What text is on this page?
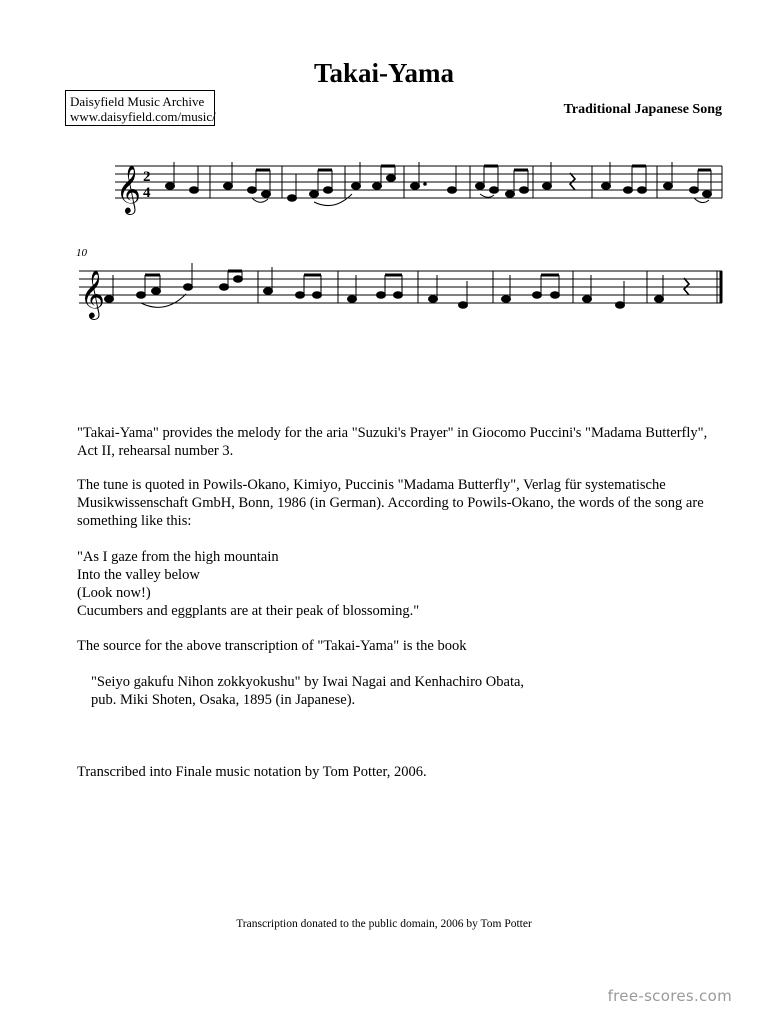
Takai-Yama
Daisyfield Music Archive
www.daisyfield.com/music/	Traditional Japanese Song
10
𝄞 2
4
𝄞

"Takai-Yama" provides the melody for the aria "Suzuki's Prayer" in Giocomo Puccini's "Madama Butterfly", Act II, rehearsal number 3.

The tune is quoted in Powils-Okano, Kimiyo, Puccinis "Madama Butterfly", Verlag für systematische Musikwissenschaft GmbH, Bonn, 1986 (in German). According to Powils-Okano, the words of the song are something like this:

"As I gaze from the high mountain

Into the valley below

(Look now!)

Cucumbers and eggplants are at their peak of blossoming."

The source for the above transcription of "Takai-Yama" is the book

"Seiyo gakufu Nihon zokkyokushu" by Iwai Nagai and Kenhachiro Obata,

pub. Miki Shoten, Osaka, 1895 (in Japanese).

Transcribed into Finale music notation by Tom Potter, 2006.

Transcription donated to the public domain, 2006 by Tom Potter
free-scores.com
